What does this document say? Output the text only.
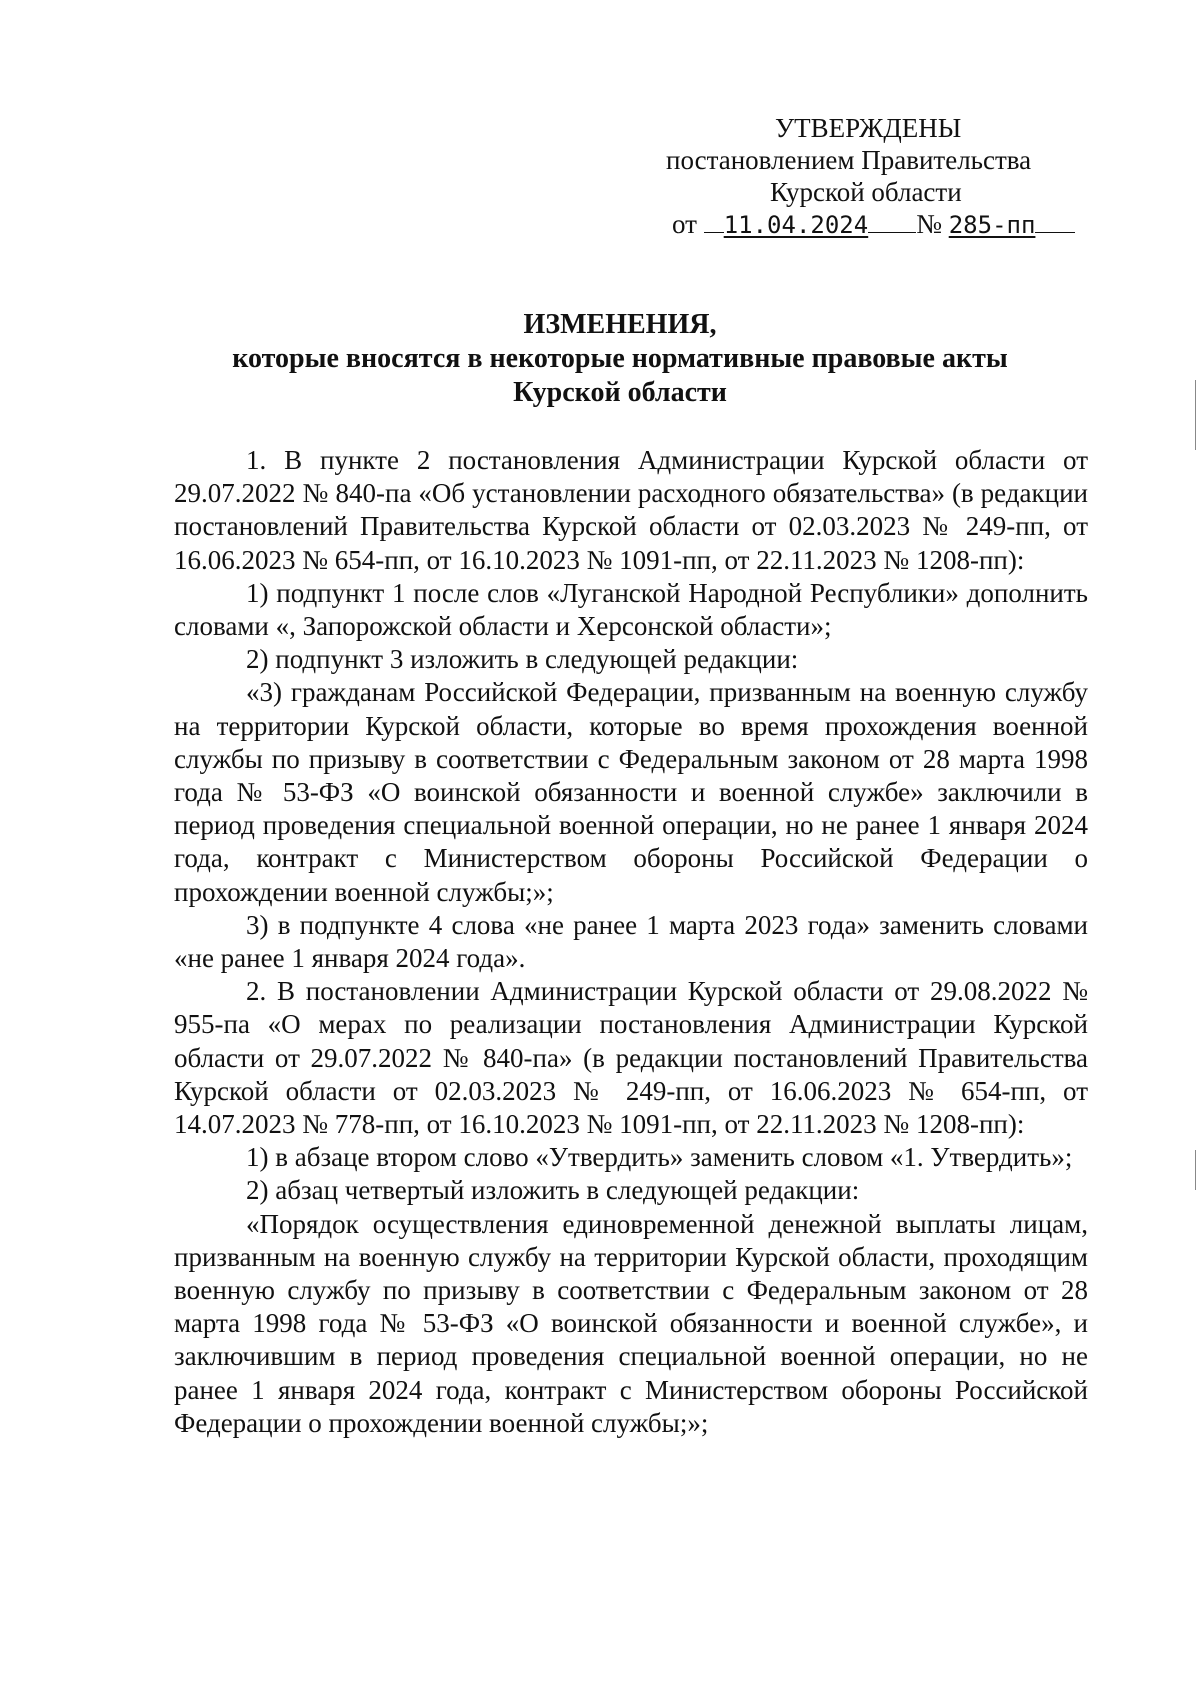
УТВЕРЖДЕНЫ
постановлением Правительства
Курской области
от 11.04.2024 № 285-пп
ИЗМЕНЕНИЯ,
которые вносятся в некоторые нормативные правовые акты
Курской области

1. В пункте 2 постановления Администрации Курской области от 29.07.2022 № 840-па «Об установлении расходного обязательства» (в редакции постановлений Правительства Курской области от 02.03.2023 № 249-пп, от 16.06.2023 № 654-пп, от 16.10.2023 № 1091-пп, от 22.11.2023 № 1208-пп):

1) подпункт 1 после слов «Луганской Народной Республики» дополнить словами «, Запорожской области и Херсонской области»;

2) подпункт 3 изложить в следующей редакции:

«3) гражданам Российской Федерации, призванным на военную службу на территории Курской области, которые во время прохождения военной службы по призыву в соответствии с Федеральным законом от 28 марта 1998 года № 53-ФЗ «О воинской обязанности и военной службе» заключили в период проведения специальной военной операции, но не ранее 1 января 2024 года, контракт с Министерством обороны Российской Федерации о прохождении военной службы;»;

3) в подпункте 4 слова «не ранее 1 марта 2023 года» заменить словами «не ранее 1 января 2024 года».

2. В постановлении Администрации Курской области от 29.08.2022 № 955-па «О мерах по реализации постановления Администрации Курской области от 29.07.2022 № 840-па» (в редакции постановлений Правительства Курской области от 02.03.2023 № 249-пп, от 16.06.2023 № 654-пп, от 14.07.2023 № 778-пп, от 16.10.2023 № 1091-пп, от 22.11.2023 № 1208-пп):

1) в абзаце втором слово «Утвердить» заменить словом «1. Утвердить»;

2) абзац четвертый изложить в следующей редакции:

«Порядок осуществления единовременной денежной выплаты лицам, призванным на военную службу на территории Курской области, проходящим военную службу по призыву в соответствии с Федеральным законом от 28 марта 1998 года № 53-ФЗ «О воинской обязанности и военной службе», и заключившим в период проведения специальной военной операции, но не ранее 1 января 2024 года, контракт с Министерством обороны Российской Федерации о прохождении военной службы;»;
